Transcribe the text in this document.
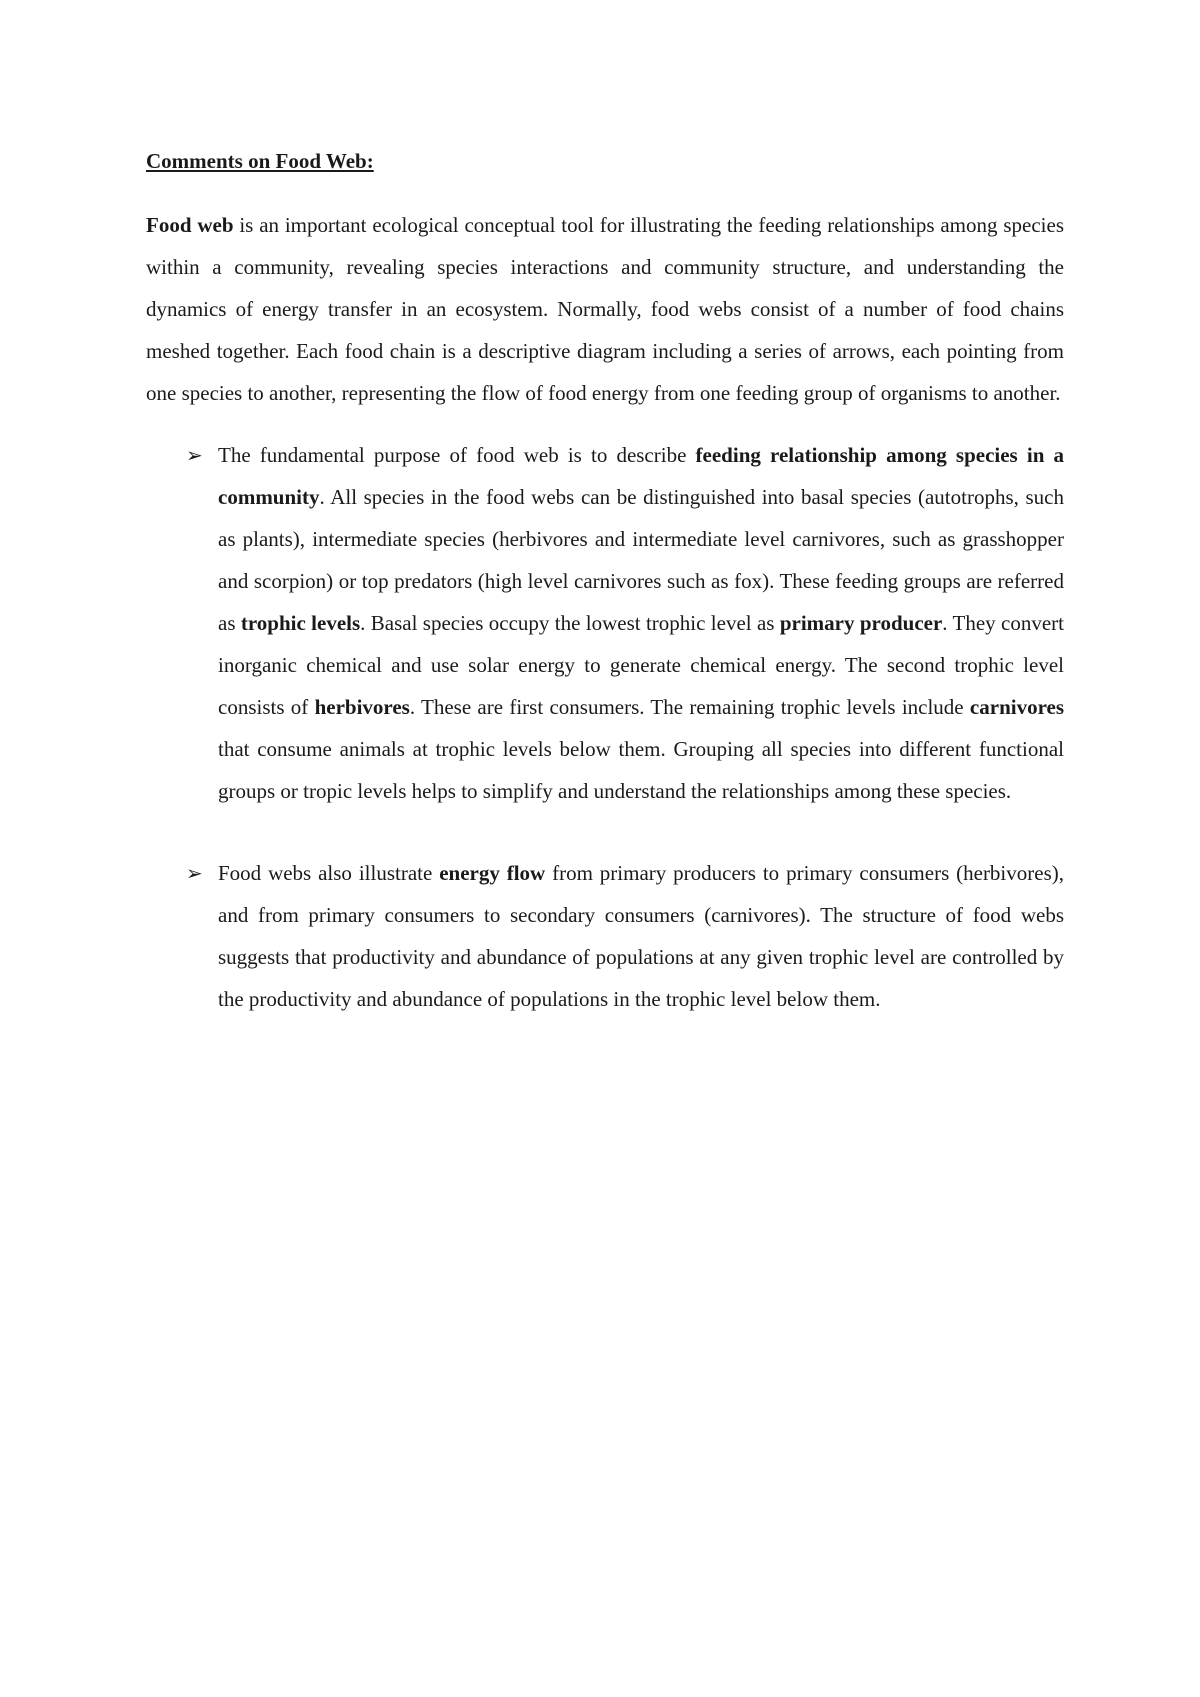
Comments on Food Web:

Food web is an important ecological conceptual tool for illustrating the feeding relationships among species within a community, revealing species interactions and community structure, and understanding the dynamics of energy transfer in an ecosystem. Normally, food webs consist of a number of food chains meshed together. Each food chain is a descriptive diagram including a series of arrows, each pointing from one species to another, representing the flow of food energy from one feeding group of organisms to another.

➢ The fundamental purpose of food web is to describe feeding relationship among species in a community. All species in the food webs can be distinguished into basal species (autotrophs, such as plants), intermediate species (herbivores and intermediate level carnivores, such as grasshopper and scorpion) or top predators (high level carnivores such as fox). These feeding groups are referred as trophic levels. Basal species occupy the lowest trophic level as primary producer. They convert inorganic chemical and use solar energy to generate chemical energy. The second trophic level consists of herbivores. These are first consumers. The remaining trophic levels include carnivores that consume animals at trophic levels below them. Grouping all species into different functional groups or tropic levels helps to simplify and understand the relationships among these species.
➢ Food webs also illustrate energy flow from primary producers to primary consumers (herbivores), and from primary consumers to secondary consumers (carnivores). The structure of food webs suggests that productivity and abundance of populations at any given trophic level are controlled by the productivity and abundance of populations in the trophic level below them.
